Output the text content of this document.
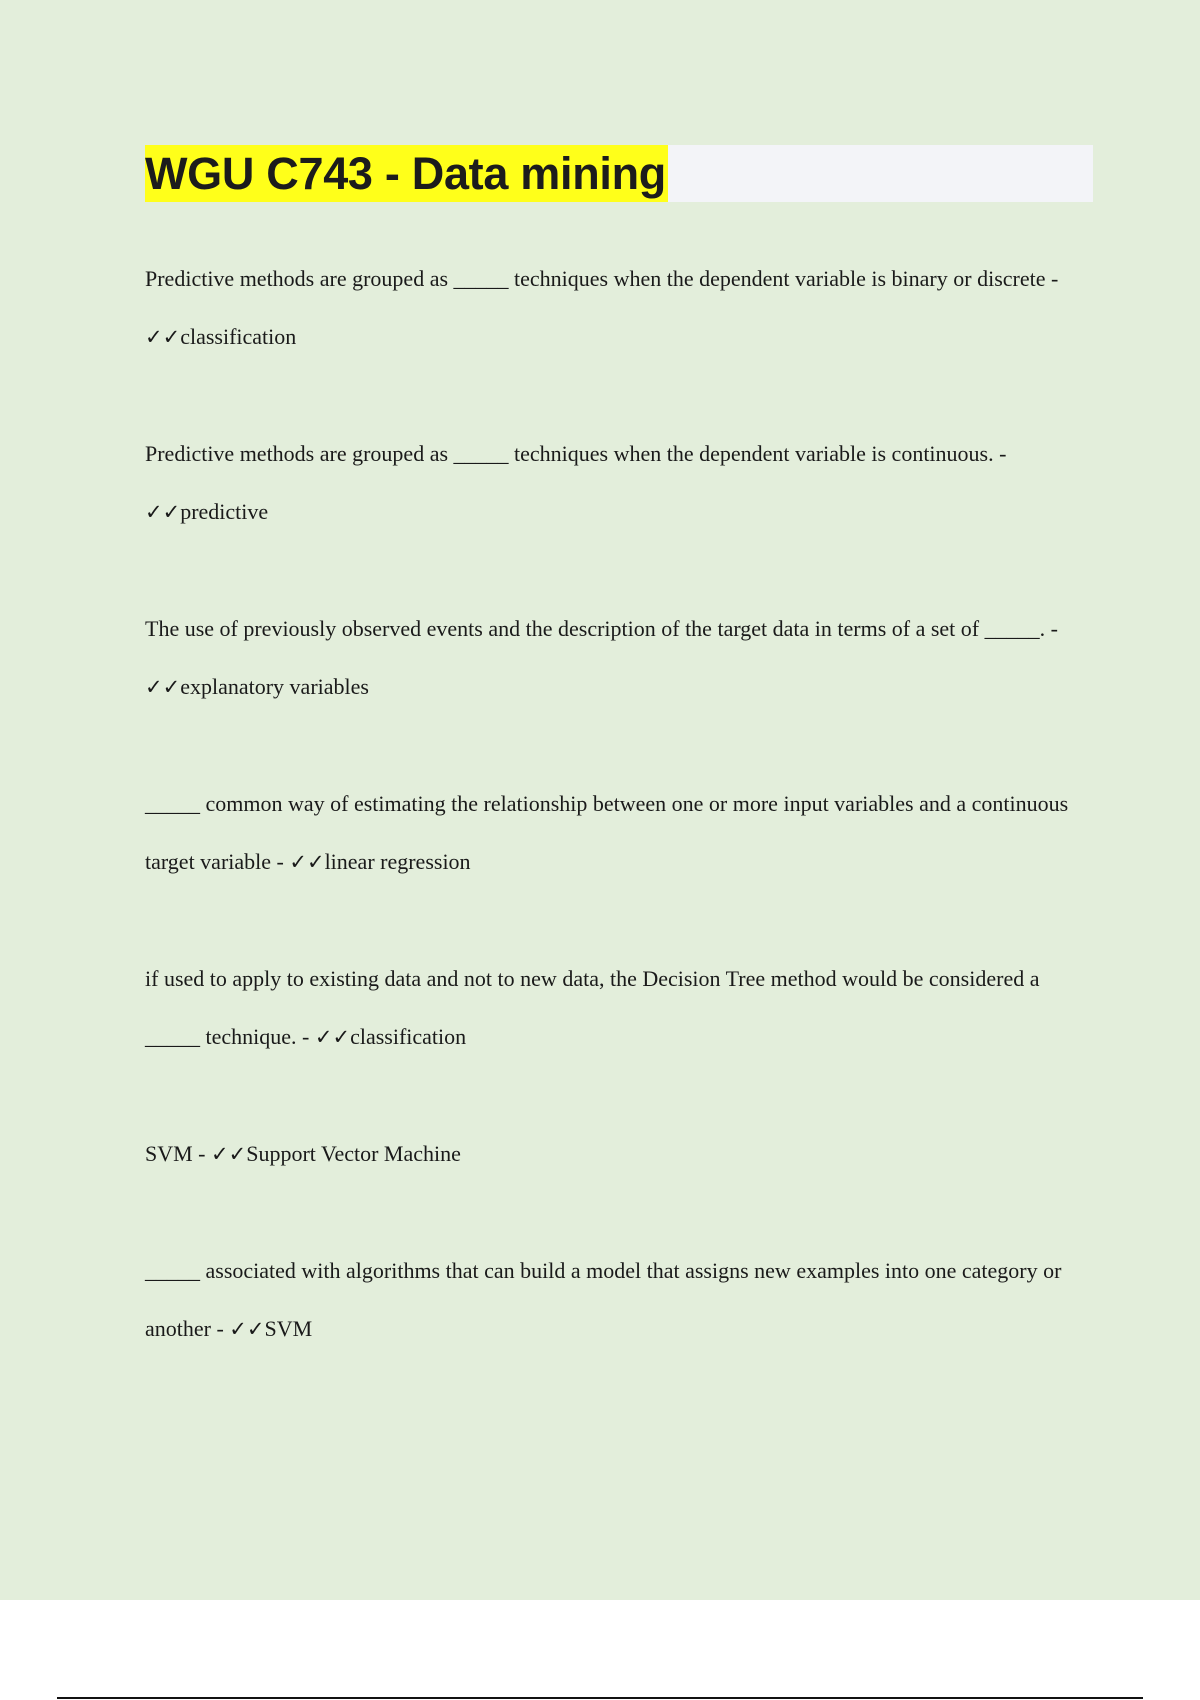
WGU C743 - Data mining

Predictive methods are grouped as _____ techniques when the dependent variable is binary or discrete - ✓✓classification

Predictive methods are grouped as _____ techniques when the dependent variable is continuous. - ✓✓predictive

The use of previously observed events and the description of the target data in terms of a set of _____. - ✓✓explanatory variables

_____ common way of estimating the relationship between one or more input variables and a continuous target variable - ✓✓linear regression

if used to apply to existing data and not to new data, the Decision Tree method would be considered a _____ technique. - ✓✓classification

SVM - ✓✓Support Vector Machine

_____ associated with algorithms that can build a model that assigns new examples into one category or another - ✓✓SVM
